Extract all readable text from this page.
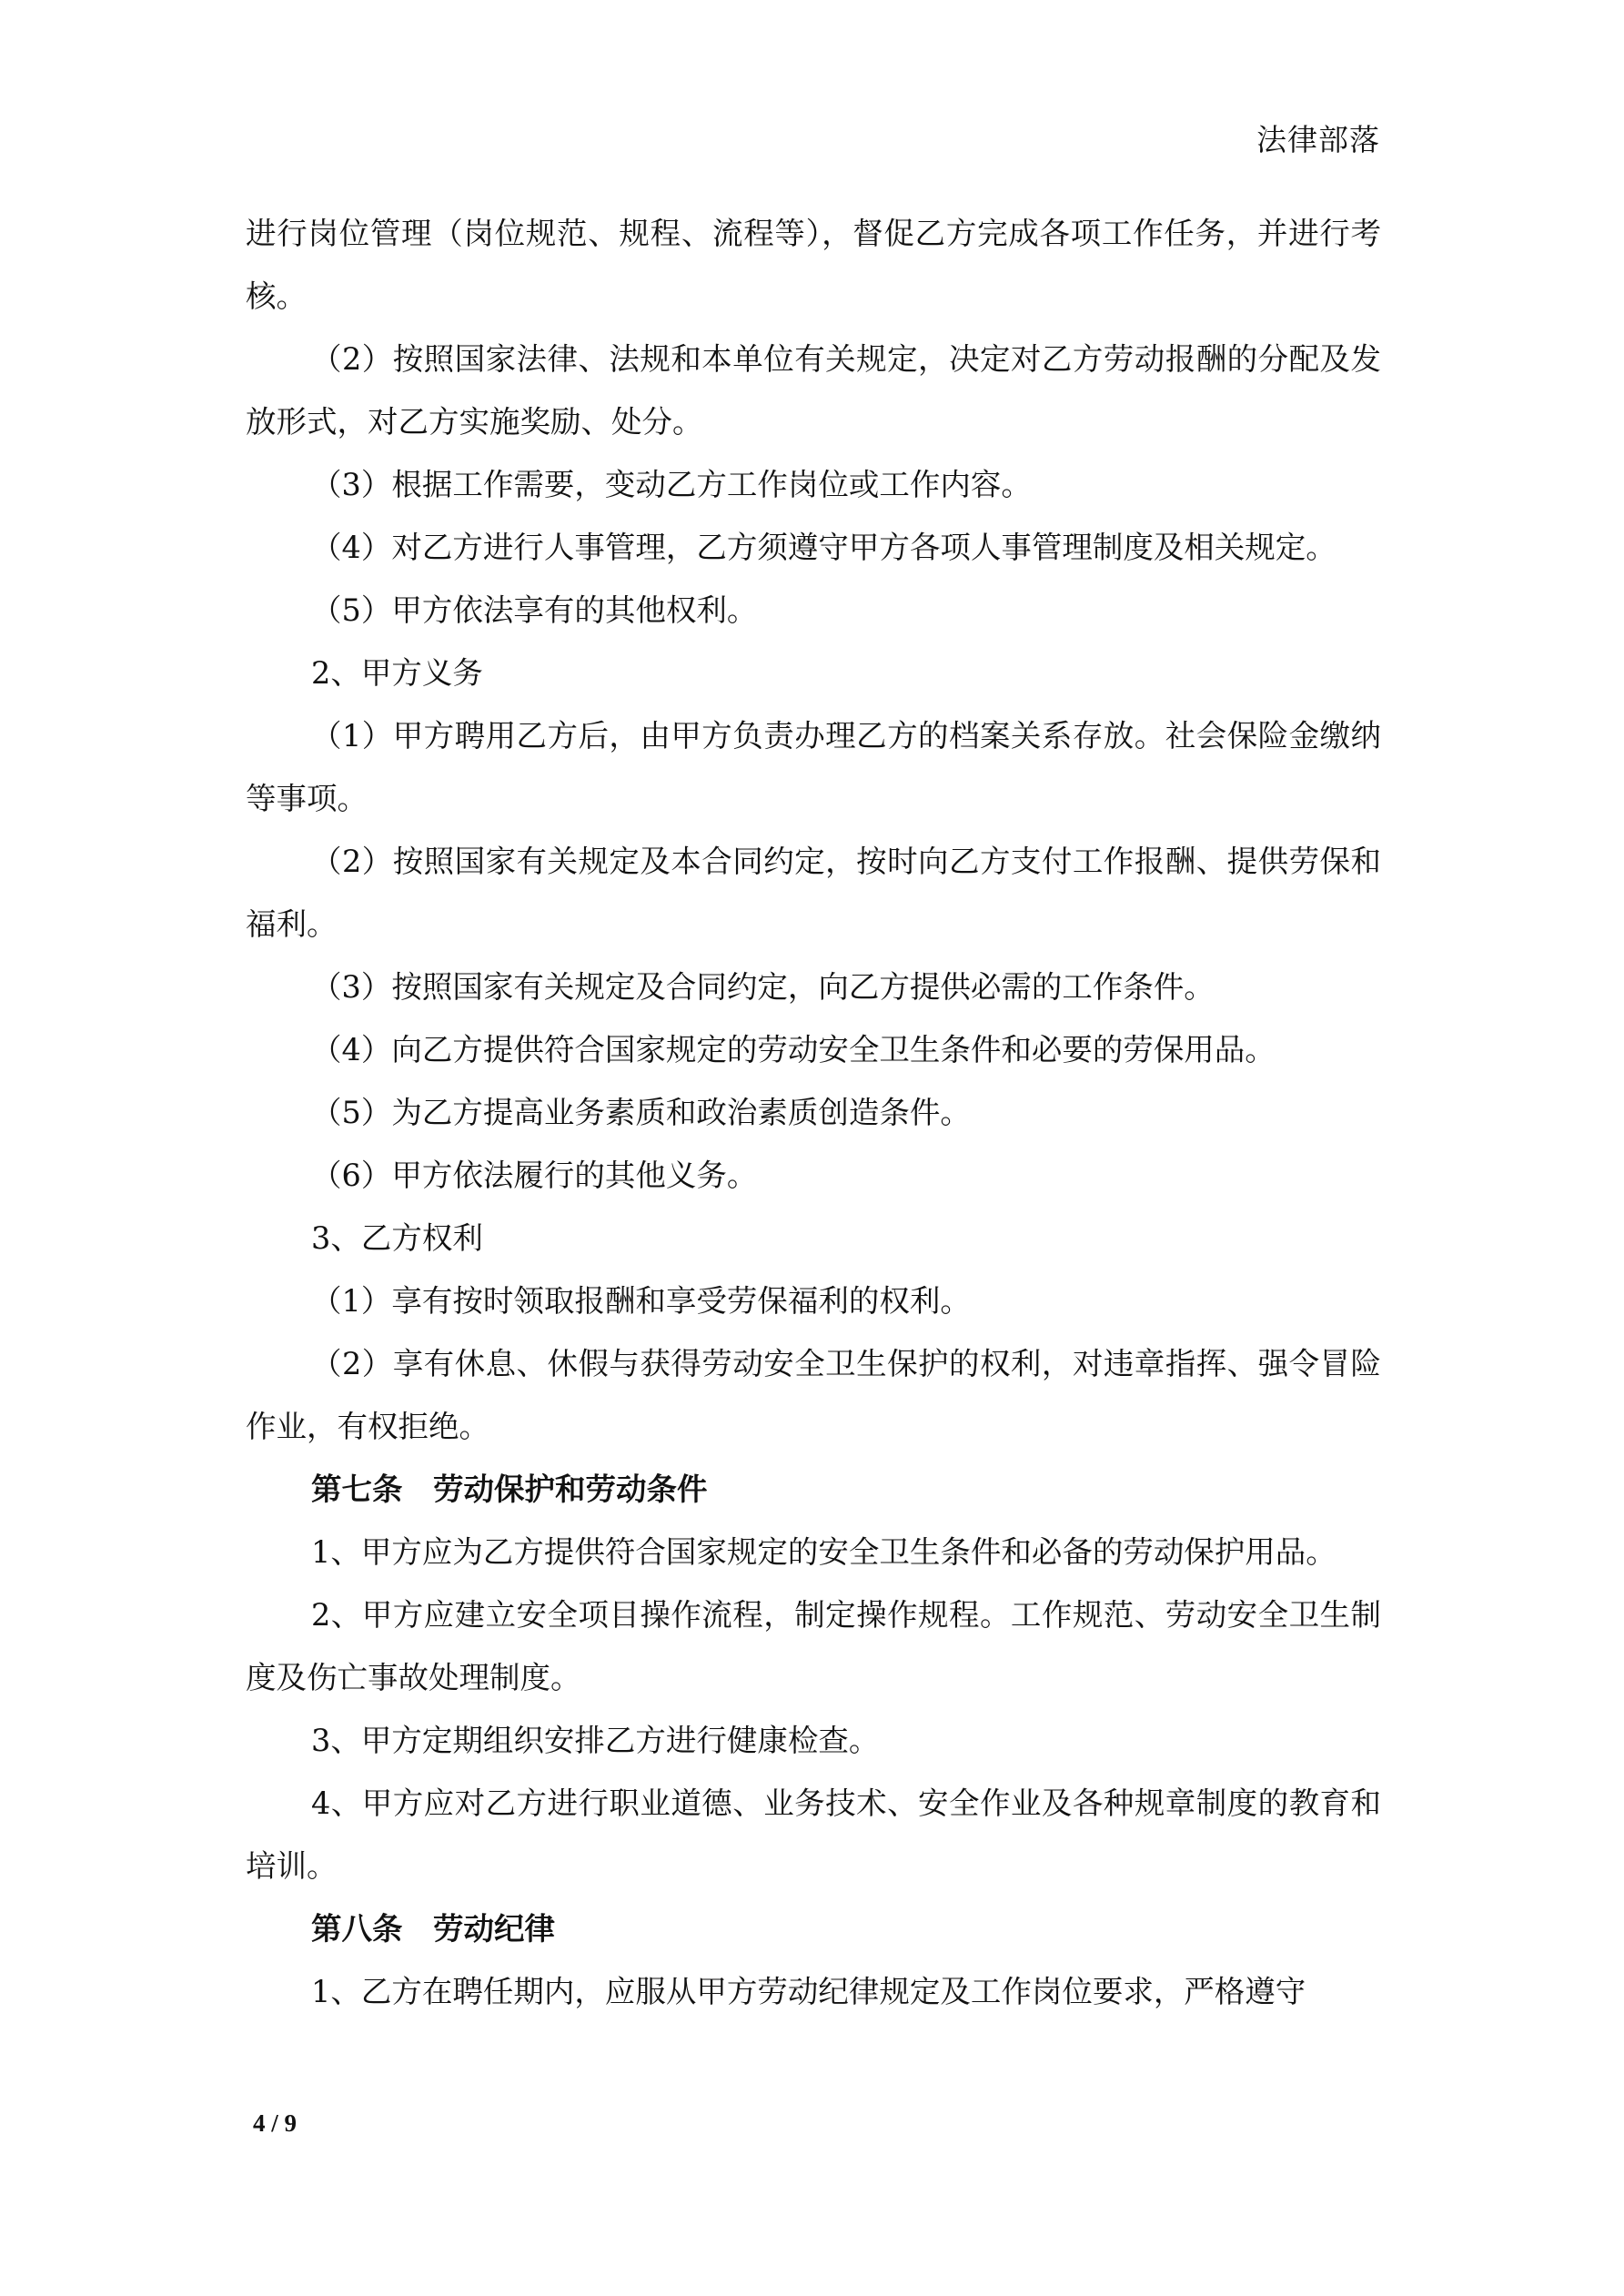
法律部落

进行岗位管理（岗位规范、规程、流程等），督促乙方完成各项工作任务，并进行考核。

（2）按照国家法律、法规和本单位有关规定，决定对乙方劳动报酬的分配及发放形式，对乙方实施奖励、处分。

（3）根据工作需要，变动乙方工作岗位或工作内容。

（4）对乙方进行人事管理，乙方须遵守甲方各项人事管理制度及相关规定。

（5）甲方依法享有的其他权利。

2、甲方义务

（1）甲方聘用乙方后，由甲方负责办理乙方的档案关系存放。社会保险金缴纳等事项。

（2）按照国家有关规定及本合同约定，按时向乙方支付工作报酬、提供劳保和福利。

（3）按照国家有关规定及合同约定，向乙方提供必需的工作条件。

（4）向乙方提供符合国家规定的劳动安全卫生条件和必要的劳保用品。

（5）为乙方提高业务素质和政治素质创造条件。

（6）甲方依法履行的其他义务。

3、乙方权利

（1）享有按时领取报酬和享受劳保福利的权利。

（2）享有休息、休假与获得劳动安全卫生保护的权利，对违章指挥、强令冒险作业，有权拒绝。

第七条　劳动保护和劳动条件

1、甲方应为乙方提供符合国家规定的安全卫生条件和必备的劳动保护用品。

2、甲方应建立安全项目操作流程，制定操作规程。工作规范、劳动安全卫生制度及伤亡事故处理制度。

3、甲方定期组织安排乙方进行健康检查。

4、甲方应对乙方进行职业道德、业务技术、安全作业及各种规章制度的教育和培训。

第八条　劳动纪律

1、乙方在聘任期内，应服从甲方劳动纪律规定及工作岗位要求，严格遵守

4 / 9
